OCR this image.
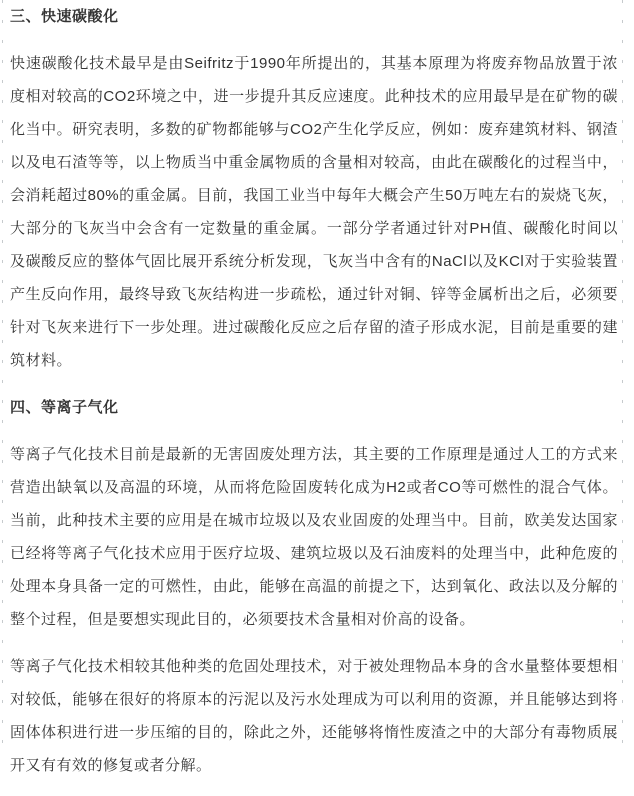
三、快速碳酸化

快速碳酸化技术最早是由Seifritz于1990年所提出的，其基本原理为将废弃物品放置于浓度相对较高的CO2环境之中，进一步提升其反应速度。此种技术的应用最早是在矿物的碳化当中。研究表明，多数的矿物都能够与CO2产生化学反应，例如：废弃建筑材料、钢渣以及电石渣等等，以上物质当中重金属物质的含量相对较高，由此在碳酸化的过程当中，会消耗超过80%的重金属。目前，我国工业当中每年大概会产生50万吨左右的炭烧飞灰，大部分的飞灰当中会含有一定数量的重金属。一部分学者通过针对PH值、碳酸化时间以及碳酸反应的整体气固比展开系统分析发现，飞灰当中含有的NaCl以及KCl对于实验装置产生反向作用，最终导致飞灰结构进一步疏松，通过针对铜、锌等金属析出之后，必须要针对飞灰来进行下一步处理。进过碳酸化反应之后存留的渣子形成水泥，目前是重要的建筑材料。

四、等离子气化

等离子气化技术目前是最新的无害固废处理方法，其主要的工作原理是通过人工的方式来营造出缺氧以及高温的环境，从而将危险固废转化成为H2或者CO等可燃性的混合气体。当前，此种技术主要的应用是在城市垃圾以及农业固废的处理当中。目前，欧美发达国家已经将等离子气化技术应用于医疗垃圾、建筑垃圾以及石油废料的处理当中，此种危废的处理本身具备一定的可燃性，由此，能够在高温的前提之下，达到氧化、政法以及分解的整个过程，但是要想实现此目的，必须要技术含量相对价高的设备。

等离子气化技术相较其他种类的危固处理技术，对于被处理物品本身的含水量整体要想相对较低，能够在很好的将原本的污泥以及污水处理成为可以利用的资源，并且能够达到将固体体积进行进一步压缩的目的，除此之外，还能够将惰性废渣之中的大部分有毒物质展开又有有效的修复或者分解。
